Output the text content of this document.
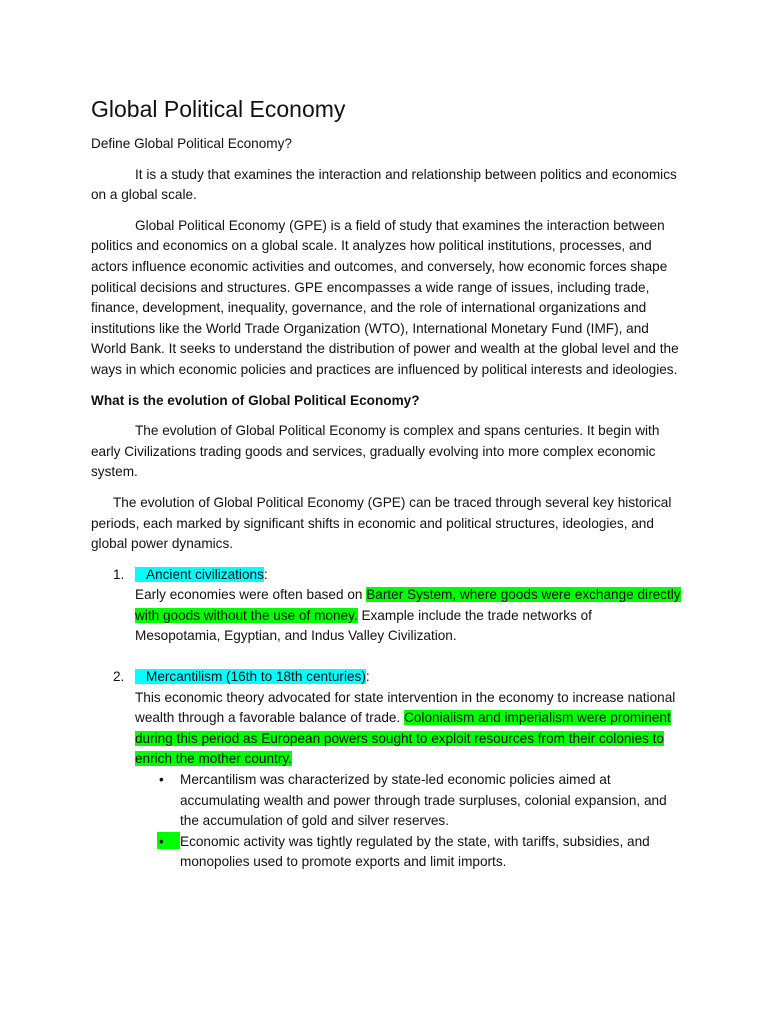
Global Political Economy

Define Global Political Economy?

It is a study that examines the interaction and relationship between politics and economics on a global scale.

Global Political Economy (GPE) is a field of study that examines the interaction between politics and economics on a global scale. It analyzes how political institutions, processes, and actors influence economic activities and outcomes, and conversely, how economic forces shape political decisions and structures. GPE encompasses a wide range of issues, including trade, finance, development, inequality, governance, and the role of international organizations and institutions like the World Trade Organization (WTO), International Monetary Fund (IMF), and World Bank. It seeks to understand the distribution of power and wealth at the global level and the ways in which economic policies and practices are influenced by political interests and ideologies.

What is the evolution of Global Political Economy?

The evolution of Global Political Economy is complex and spans centuries. It begin with early Civilizations trading goods and services, gradually evolving into more complex economic system.

The evolution of Global Political Economy (GPE) can be traced through several key historical periods, each marked by significant shifts in economic and political structures, ideologies, and global power dynamics.

1.	Ancient civilizations:

Early economies were often based on Barter System, where goods were exchange directly with goods without the use of money. Example include the trade networks of Mesopotamia, Egyptian, and Indus Valley Civilization.

2.	Mercantilism (16th to 18th centuries):

This economic theory advocated for state intervention in the economy to increase national wealth through a favorable balance of trade. Colonialism and imperialism were prominent during this period as European powers sought to exploit resources from their colonies to enrich the mother country.

•	Mercantilism was characterized by state-led economic policies aimed at accumulating wealth and power through trade surpluses, colonial expansion, and the accumulation of gold and silver reserves.
•	Economic activity was tightly regulated by the state, with tariffs, subsidies, and monopolies used to promote exports and limit imports.
